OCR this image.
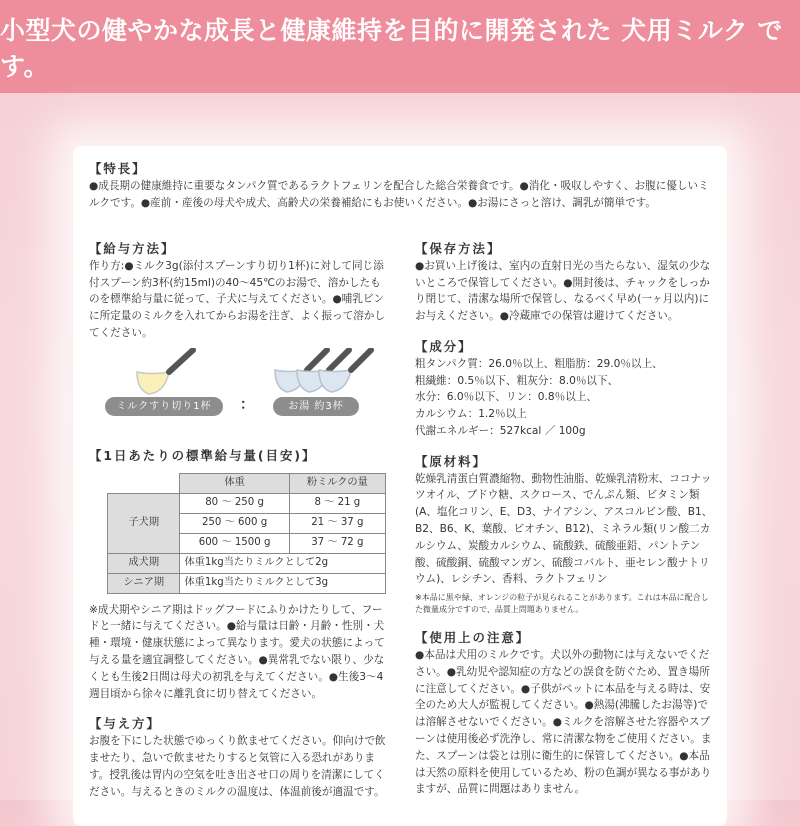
小型犬の健やかな成長と健康維持を目的に開発された 犬用ミルク です。
【特長】

●成長期の健康維持に重要なタンパク質であるラクトフェリンを配合した総合栄養食です。●消化・吸収しやすく、お腹に優しいミルクです。●産前・産後の母犬や成犬、高齢犬の栄養補給にもお使いください。●お湯にさっと溶け、調乳が簡単です。

【給与方法】

作り方:●ミルク3g(添付スプーンすり切り1杯)に対して同じ添付スプーン約3杯(約15ml)の40～45℃のお湯で、溶かしたものを標準給与量に従って、子犬に与えてください。●哺乳ビンに所定量のミルクを入れてからお湯を注ぎ、よく振って溶かしてください。

ミルクすり切り1杯	：	お湯 約3杯
【1日あたりの標準給与量(目安)】
	体重	粉ミルクの量
子犬期	80 ～ 250 g	8 ～ 21 g
	250 ～ 600 g	21 ～ 37 g
	600 ～ 1500 g	37 ～ 72 g
成犬期	体重1kg当たりミルクとして2g	
シニア期	体重1kg当たりミルクとして3g	

※成犬期やシニア期はドッグフードにふりかけたりして、フードと一緒に与えてください。●給与量は日齢・月齢・性別・犬種・環境・健康状態によって異なります。愛犬の状態によって与える量を適宜調整してください。●異常乳でない限り、少なくとも生後2日間は母犬の初乳を与えてください。●生後3～4週目頃から徐々に離乳食に切り替えてください。

【与え方】

お腹を下にした状態でゆっくり飲ませてください。仰向けで飲ませたり、急いで飲ませたりすると気管に入る恐れがあります。授乳後は胃内の空気を吐き出させ口の周りを清潔にしてください。与えるときのミルクの温度は、体温前後が適温です。

【保存方法】

●お買い上げ後は、室内の直射日光の当たらない、湿気の少ないところで保管してください。●開封後は、チャックをしっかり閉じて、清潔な場所で保管し、なるべく早め(一ヶ月以内)にお与えください。●冷蔵庫での保管は避けてください。

【成分】

粗タンパク質：26.0％以上、粗脂肪：29.0％以上、

粗繊維：0.5％以下、粗灰分：8.0％以下、

水分：6.0％以下、リン：0.8％以上、

カルシウム：1.2％以上

代謝エネルギー：527kcal ／ 100g

【原材料】

乾燥乳清蛋白質濃縮物、動物性油脂、乾燥乳清粉末、ココナッツオイル、ブドウ糖、スクロース、でんぷん類、ビタミン類(A、塩化コリン、E、D3、ナイアシン、アスコルビン酸、B1、B2、B6、K、葉酸、ビオチン、B12)、ミネラル類(リン酸二カルシウム、炭酸カルシウム、硫酸鉄、硫酸亜鉛、パントテン酸、硫酸銅、硫酸マンガン、硫酸コバルト、亜セレン酸ナトリウム)、レシチン、香料、ラクトフェリン

※本品に黒や緑、オレンジの粒子が見られることがあります。これは本品に配合した微量成分ですので、品質上問題ありません。

【使用上の注意】

●本品は犬用のミルクです。犬以外の動物には与えないでください。●乳幼児や認知症の方などの誤食を防ぐため、置き場所に注意してください。●子供がペットに本品を与える時は、安全のため大人が監視してください。●熱湯(沸騰したお湯等)では溶解させないでください。●ミルクを溶解させた容器やスプーンは使用後必ず洗浄し、常に清潔な物をご使用ください。また、スプーンは袋とは別に衛生的に保管してください。●本品は天然の原料を使用しているため、粉の色調が異なる事がありますが、品質に問題はありません。
